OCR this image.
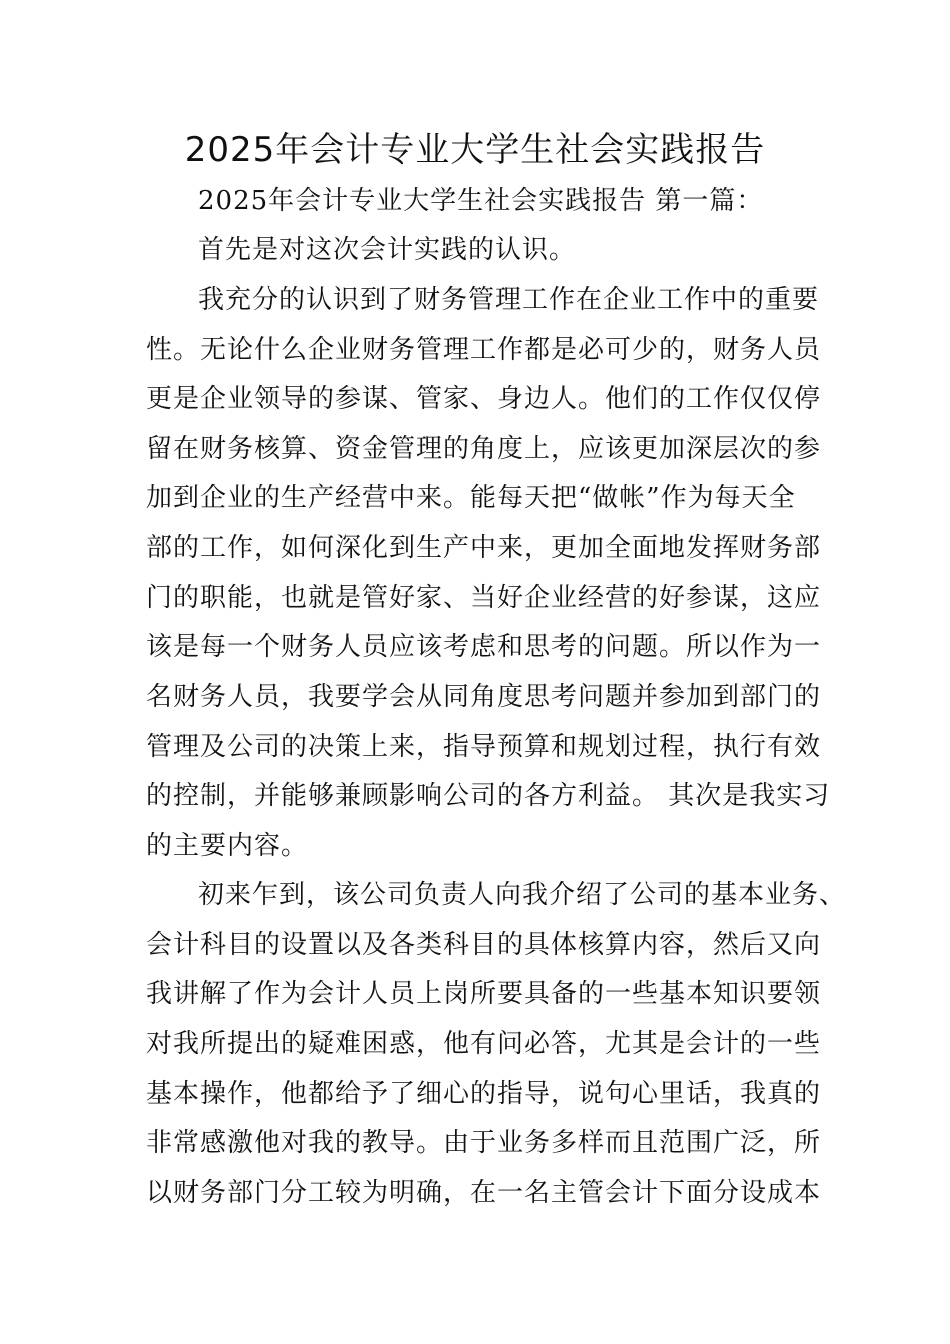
2025年会计专业大学生社会实践报告
2025年会计专业大学生社会实践报告 第一篇：
首先是对这次会计实践的认识。
我充分的认识到了财务管理工作在企业工作中的重要
性。无论什么企业财务管理工作都是必可少的，财务人员
更是企业领导的参谋、管家、身边人。他们的工作仅仅停
留在财务核算、资金管理的角度上，应该更加深层次的参
加到企业的生产经营中来。能每天把“做帐”作为每天全
部的工作，如何深化到生产中来，更加全面地发挥财务部
门的职能，也就是管好家、当好企业经营的好参谋，这应
该是每一个财务人员应该考虑和思考的问题。所以作为一
名财务人员，我要学会从同角度思考问题并参加到部门的
管理及公司的决策上来，指导预算和规划过程，执行有效
的控制，并能够兼顾影响公司的各方利益。 其次是我实习
的主要内容。
初来乍到，该公司负责人向我介绍了公司的基本业务、
会计科目的设置以及各类科目的具体核算内容，然后又向
我讲解了作为会计人员上岗所要具备的一些基本知识要领
对我所提出的疑难困惑，他有问必答，尤其是会计的一些
基本操作，他都给予了细心的指导，说句心里话，我真的
非常感激他对我的教导。由于业务多样而且范围广泛，所
以财务部门分工较为明确，在一名主管会计下面分设成本
